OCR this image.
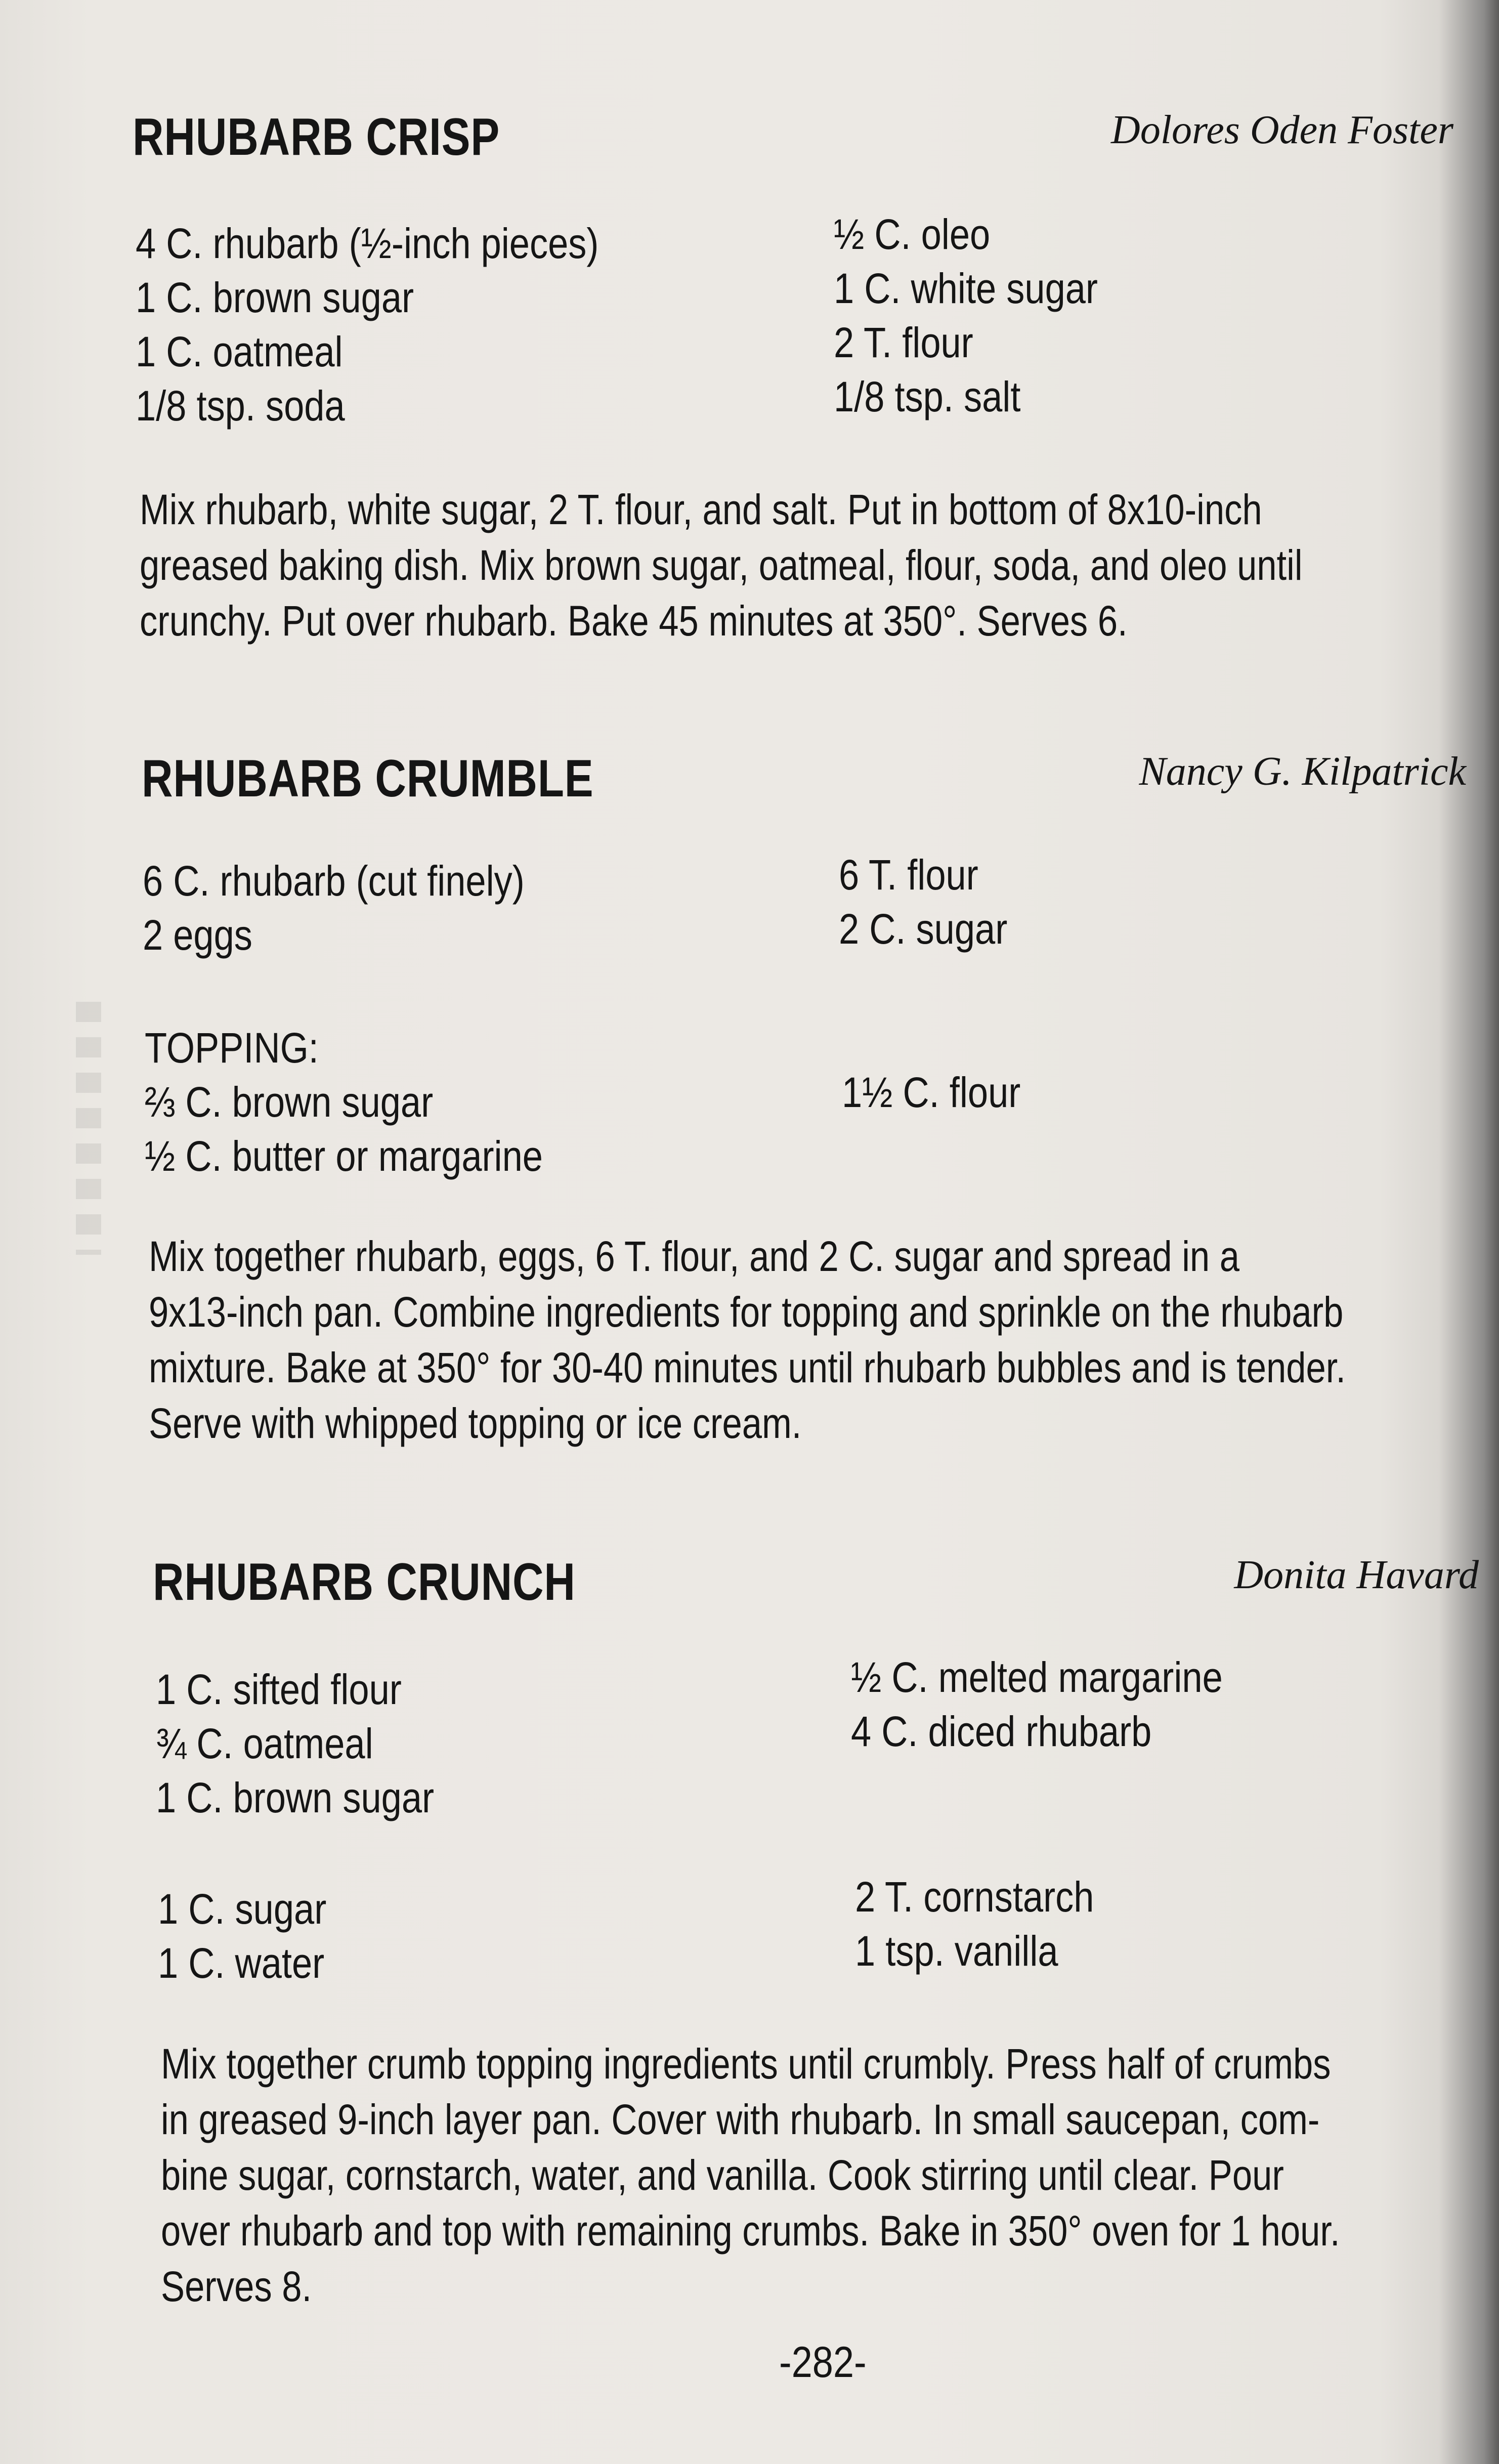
RHUBARB CRISP	Dolores Oden Foster
4 C. rhubarb (½-inch pieces)
1 C. brown sugar
1 C. oatmeal
1/8 tsp. soda
½ C. oleo
1 C. white sugar
2 T. flour
1/8 tsp. salt
Mix rhubarb, white sugar, 2 T. flour, and salt. Put in bottom of 8x10-inch
greased baking dish. Mix brown sugar, oatmeal, flour, soda, and oleo until
crunchy. Put over rhubarb. Bake 45 minutes at 350°. Serves 6.
RHUBARB CRUMBLE	Nancy G. Kilpatrick
6 C. rhubarb (cut finely)
2 eggs
6 T. flour
2 C. sugar
TOPPING:
⅔ C. brown sugar
½ C. butter or margarine
1½ C. flour
Mix together rhubarb, eggs, 6 T. flour, and 2 C. sugar and spread in a
9x13-inch pan. Combine ingredients for topping and sprinkle on the rhubarb
mixture. Bake at 350° for 30-40 minutes until rhubarb bubbles and is tender.
Serve with whipped topping or ice cream.
RHUBARB CRUNCH	Donita Havard
1 C. sifted flour
¾ C. oatmeal
1 C. brown sugar
½ C. melted margarine
4 C. diced rhubarb
1 C. sugar
1 C. water
2 T. cornstarch
1 tsp. vanilla
Mix together crumb topping ingredients until crumbly. Press half of crumbs
in greased 9-inch layer pan. Cover with rhubarb. In small saucepan, com-
bine sugar, cornstarch, water, and vanilla. Cook stirring until clear. Pour
over rhubarb and top with remaining crumbs. Bake in 350° oven for 1 hour.
Serves 8.
-282-
